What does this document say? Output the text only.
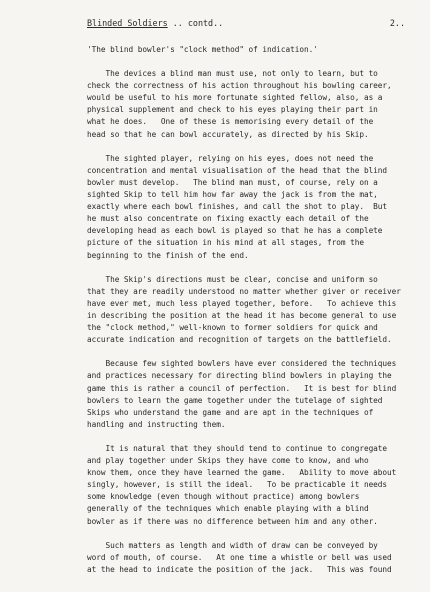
Blinded Soldiers .. contd..	2..
'The blind bowler's "clock method" of indication.'
The devices a blind man must use, not only to learn, but to
check the correctness of his action throughout his bowling career,
would be useful to his more fortunate sighted fellow, also, as a
physical supplement and check to his eyes playing their part in
what he does.   One of these is memorising every detail of the
head so that he can bowl accurately, as directed by his Skip.
The sighted player, relying on his eyes, does not need the
concentration and mental visualisation of the head that the blind
bowler must develop.   The blind man must, of course, rely on a
sighted Skip to tell him how far away the jack is from the mat,
exactly where each bowl finishes, and call the shot to play.  But
he must also concentrate on fixing exactly each detail of the
developing head as each bowl is played so that he has a complete
picture of the situation in his mind at all stages, from the
beginning to the finish of the end.
The Skip's directions must be clear, concise and uniform so
that they are readily understood no matter whether giver or receiver
have ever met, much less played together, before.   To achieve this
in describing the position at the head it has become general to use
the "clock method," well-known to former soldiers for quick and
accurate indication and recognition of targets on the battlefield.
Because few sighted bowlers have ever considered the techniques
and practices necessary for directing blind bowlers in playing the
game this is rather a council of perfection.   It is best for blind
bowlers to learn the game together under the tutelage of sighted
Skips who understand the game and are apt in the techniques of
handling and instructing them.
It is natural that they should tend to continue to congregate
and play together under Skips they have come to know, and who
know them, once they have learned the game.   Ability to move about
singly, however, is still the ideal.   To be practicable it needs
some knowledge (even though without practice) among bowlers
generally of the techniques which enable playing with a blind
bowler as if there was no difference between him and any other.
Such matters as length and width of draw can be conveyed by
word of mouth, of course.   At one time a whistle or bell was used
at the head to indicate the position of the jack.   This was found
